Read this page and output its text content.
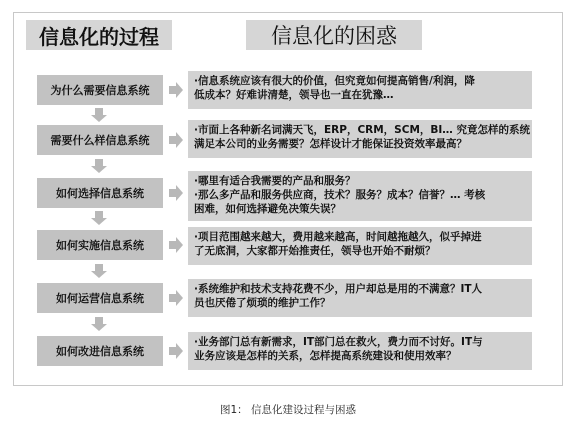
信息化的过程	信息化的困惑
为什么需要信息系统
·信息系统应该有很大的价值，但究竟如何提高销售/利润，降
低成本？好难讲清楚，领导也一直在犹豫…
需要什么样信息系统
·市面上各种新名词满天飞，ERP，CRM，SCM，BI… 究竟怎样的系统
满足本公司的业务需要？怎样设计才能保证投资效率最高？
如何选择信息系统
·哪里有适合我需要的产品和服务？
·那么多产品和服务供应商，技术？服务？成本？信誉？… 考核
困难，如何选择避免决策失误？
如何实施信息系统
·项目范围越来越大，费用越来越高，时间越拖越久，似乎掉进
了无底洞，大家都开始推责任，领导也开始不耐烦？
如何运营信息系统
·系统维护和技术支持花费不少，用户却总是用的不满意？IT人
员也厌倦了烦琐的维护工作？
如何改进信息系统
·业务部门总有新需求，IT部门总在救火，费力而不讨好。IT与
业务应该是怎样的关系，怎样提高系统建设和使用效率？
图1： 信息化建设过程与困惑
